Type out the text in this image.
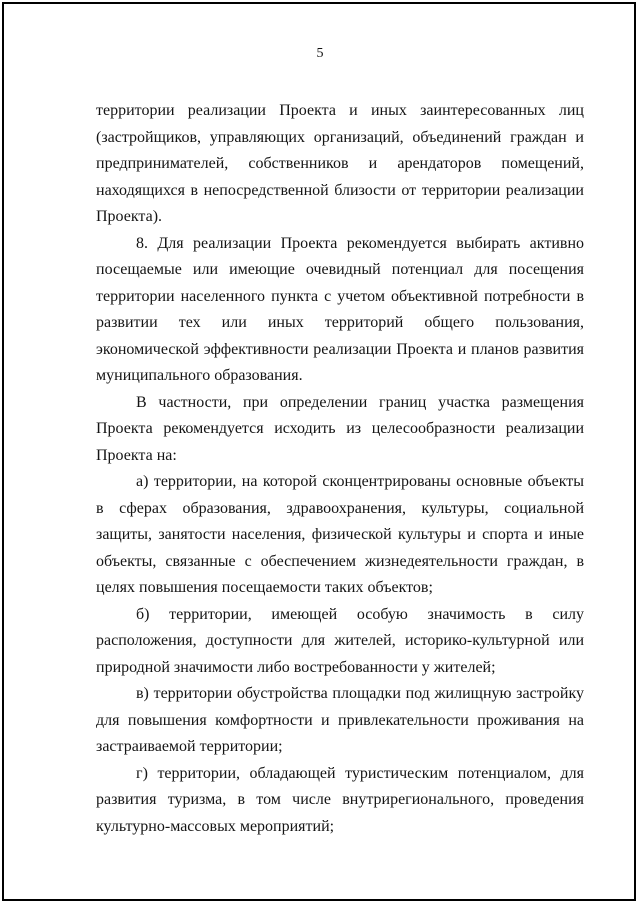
5

территории реализации Проекта и иных заинтересованных лиц (застройщиков, управляющих организаций, объединений граждан и предпринимателей, собственников и арендаторов помещений, находящихся в непосредственной близости от территории реализации Проекта).

8. Для реализации Проекта рекомендуется выбирать активно посещаемые или имеющие очевидный потенциал для посещения территории населенного пункта с учетом объективной потребности в развитии тех или иных территорий общего пользования, экономической эффективности реализации Проекта и планов развития муниципального образования.

В частности, при определении границ участка размещения Проекта рекомендуется исходить из целесообразности реализации Проекта на:

а) территории, на которой сконцентрированы основные объекты в сферах образования, здравоохранения, культуры, социальной защиты, занятости населения, физической культуры и спорта и иные объекты, связанные с обеспечением жизнедеятельности граждан, в целях повышения посещаемости таких объектов;

б) территории, имеющей особую значимость в силу расположения, доступности для жителей, историко-культурной или природной значимости либо востребованности у жителей;

в) территории обустройства площадки под жилищную застройку для повышения комфортности и привлекательности проживания на застраиваемой территории;

г) территории, обладающей туристическим потенциалом, для развития туризма, в том числе внутрирегионального, проведения культурно-массовых мероприятий;
